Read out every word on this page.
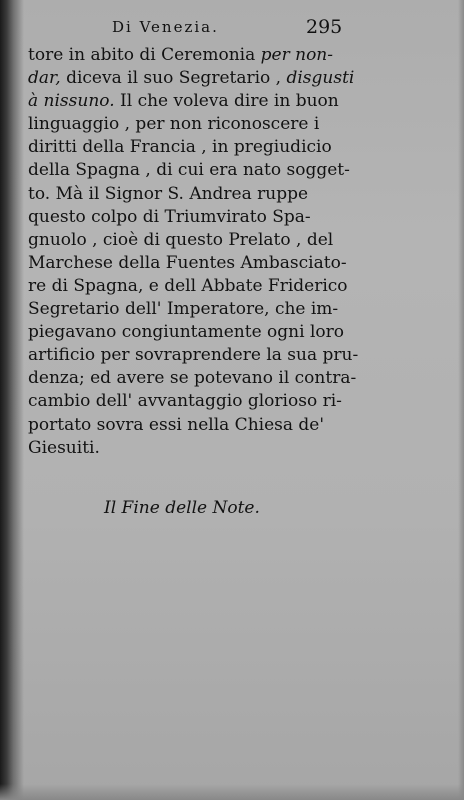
Di Venezia.	295
tore in abito di Ceremonia per non-
dar, diceva il suo Segretario , disgusti
à nissuno. Il che voleva dire in buon
linguaggio , per non riconoscere i
diritti della Francia , in pregiudicio
della Spagna , di cui era nato sogget-
to. Mà il Signor S. Andrea ruppe
questo colpo di Triumvirato Spa-
gnuolo , cioè di questo Prelato , del
Marchese della Fuentes Ambasciato-
re di Spagna, e dell Abbate Friderico
Segretario dell' Imperatore, che im-
piegavano congiuntamente ogni loro
artificio per sovraprendere la sua pru-
denza; ed avere se potevano il contra-
cambio dell' avvantaggio glorioso ri-
portato sovra essi nella Chiesa de'
Giesuiti.
Il Fine delle Note.
